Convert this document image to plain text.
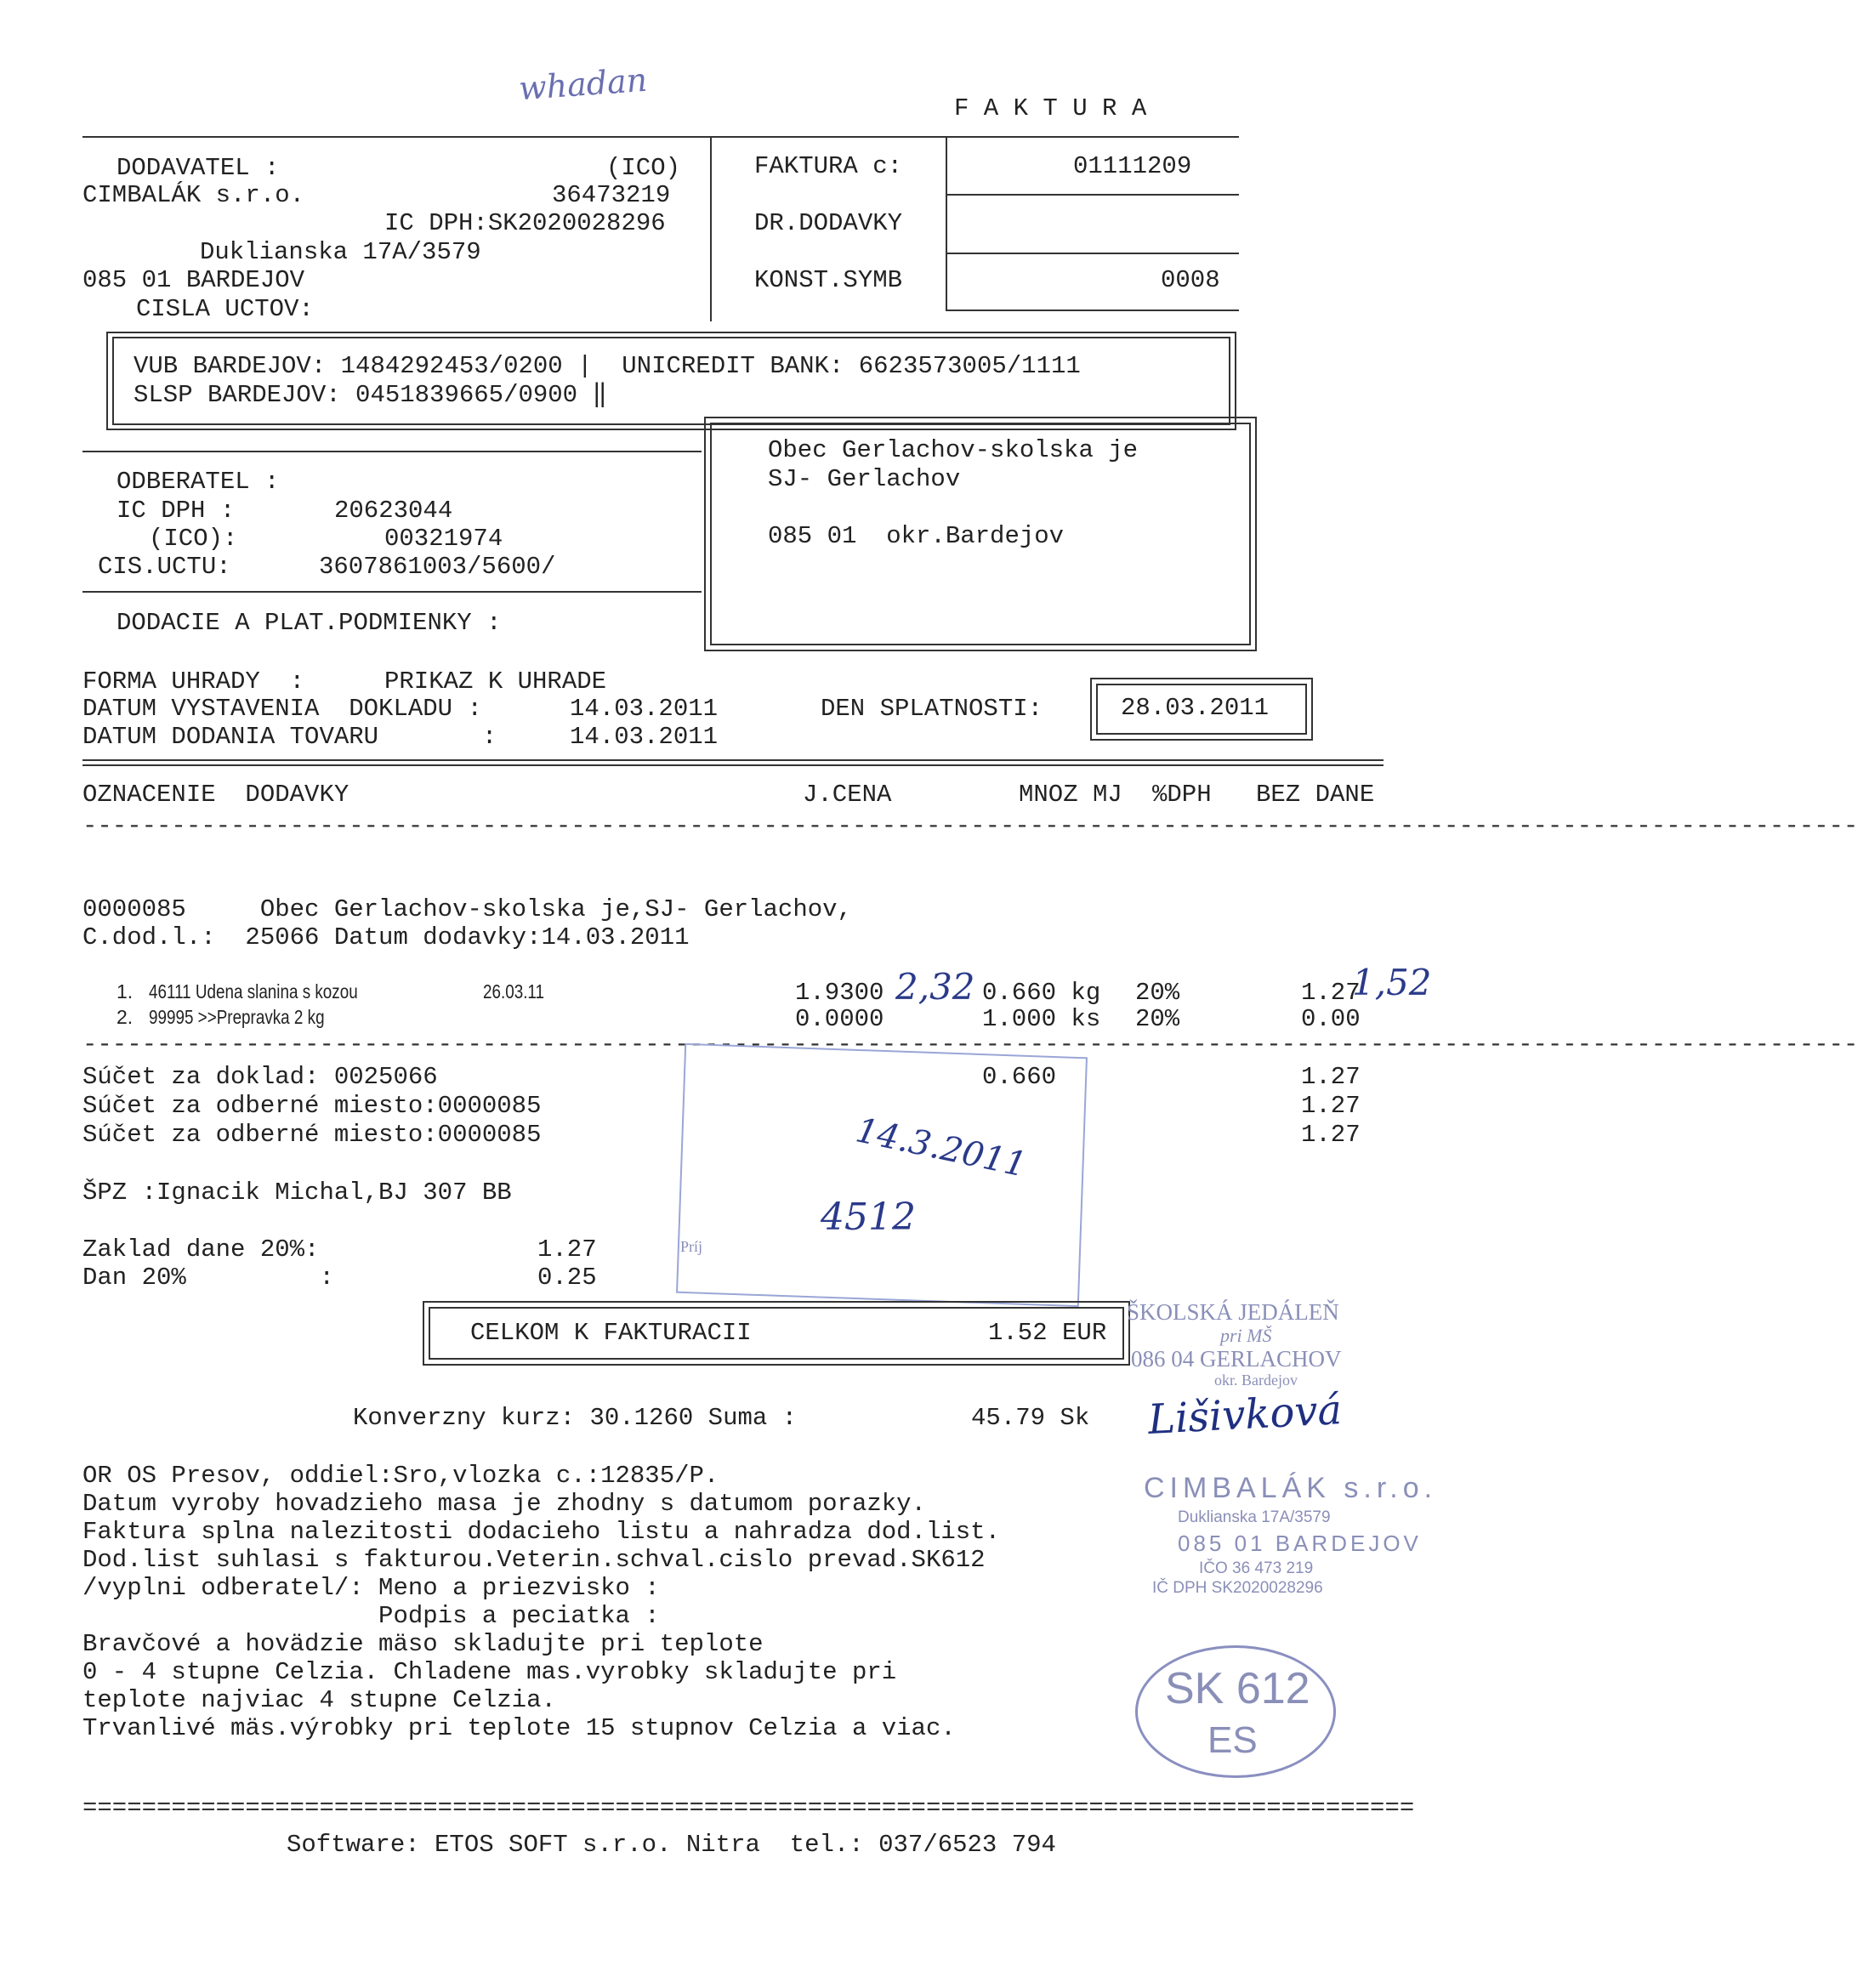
whadan
F A K T U R A
DODAVATEL :	(ICO)
CIMBALÁK s.r.o.	36473219
IC DPH:SK2020028296
Duklianska 17A/3579
085 01 BARDEJOV
CISLA UCTOV:
FAKTURA c:	01111209
DR.DODAVKY
KONST.SYMB	0008
VUB BARDEJOV: 1484292453/0200 |  UNICREDIT BANK: 6623573005/1111
SLSP BARDEJOV: 0451839665/0900 ‖
ODBERATEL :
IC DPH :	20623044
(ICO):	00321974
CIS.UCTU:	3607861003/5600/
DODACIE A PLAT.PODMIENKY :
Obec Gerlachov-skolska je
SJ- Gerlachov
085 01  okr.Bardejov
FORMA UHRADY  :	PRIKAZ K UHRADE
DATUM VYSTAVENIA  DOKLADU :	14.03.2011
DATUM DODANIA TOVARU       :	14.03.2011
DEN SPLATNOSTI:	28.03.2011
OZNACENIE  DODAVKY	J.CENA	MNOZ MJ %DPH BEZ DANE
------------------------------------------------------------------------------------------------------------------------
0000085     Obec Gerlachov-skolska je,SJ- Gerlachov,
C.dod.l.:  25066 Datum dodavky:14.03.2011
1. 46111 Udena slanina s kozou	26.03.11	1.9300 2,32 0.660 kg 20%	1.27
1,52
2. 99995 >>Prepravka 2 kg	0.0000	1.000 ks 20%	0.00
------------------------------------------------------------------------------------------------------------------------
14.3.2011
4512
Príj
Súčet za doklad: 0025066	0.660	1.27
Súčet za odberné miesto:0000085	1.27
Súčet za odberné miesto:0000085	1.27
ŠPZ :Ignacik Michal,BJ 307 BB
Zaklad dane 20%:	1.27
Dan 20%         :	0.25
CELKOM K FAKTURACII	1.52 EUR
ŠKOLSKÁ JEDÁLEŇ
pri MŠ
086 04 GERLACHOV
okr. Bardejov
Lišivková
Konverzny kurz: 30.1260 Suma :	45.79 Sk
CIMBALÁK s.r.o.
Duklianska 17A/3579
085 01 BARDEJOV
IČO 36 473 219
IČ DPH SK2020028296
SK 612
ES
OR OS Presov, oddiel:Sro,vlozka c.:12835/P.
Datum vyroby hovadzieho masa je zhodny s datumom porazky.
Faktura splna nalezitosti dodacieho listu a nahradza dod.list.
Dod.list suhlasi s fakturou.Veterin.schval.cislo prevad.SK612
/vyplni odberatel/: Meno a priezvisko :
Podpis a peciatka :
Bravčové a hovädzie mäso skladujte pri teplote
0 - 4 stupne Celzia. Chladene mas.vyrobky skladujte pri
teplote najviac 4 stupne Celzia.
Trvanlivé mäs.výrobky pri teplote 15 stupnov Celzia a viac.
==========================================================================================
Software: ETOS SOFT s.r.o. Nitra  tel.: 037/6523 794
